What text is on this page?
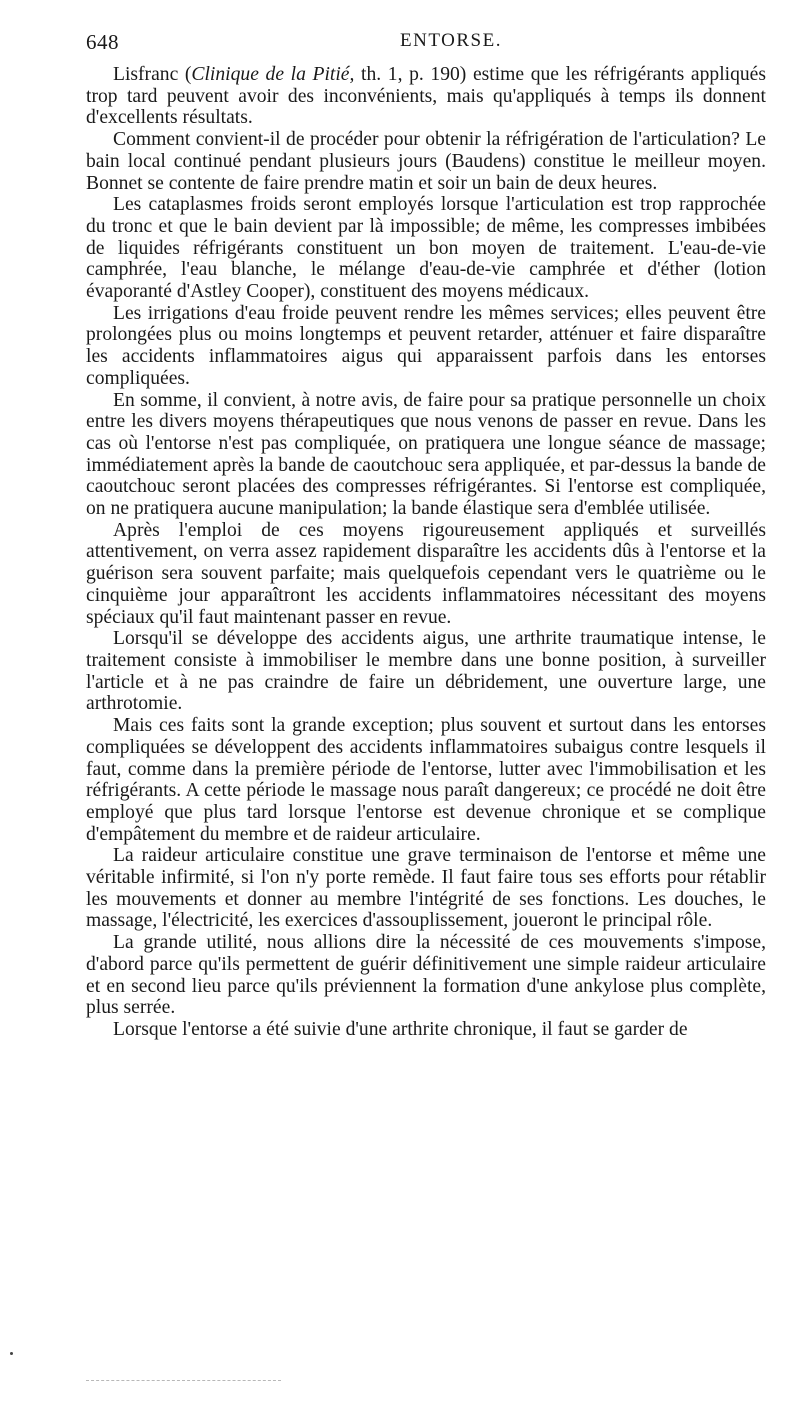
648	ENTORSE.

Lisfranc (Clinique de la Pitié, th. 1, p. 190) estime que les réfrigérants appliqués trop tard peuvent avoir des inconvénients, mais qu'appliqués à temps ils donnent d'excellents résultats.

Comment convient-il de procéder pour obtenir la réfrigération de l'articulation? Le bain local continué pendant plusieurs jours (Baudens) constitue le meilleur moyen. Bonnet se contente de faire prendre matin et soir un bain de deux heures.

Les cataplasmes froids seront employés lorsque l'articulation est trop rapprochée du tronc et que le bain devient par là impossible; de même, les compresses imbibées de liquides réfrigérants constituent un bon moyen de traitement. L'eau-de-vie camphrée, l'eau blanche, le mélange d'eau-de-vie camphrée et d'éther (lotion évaporanté d'Astley Cooper), constituent des moyens médicaux.

Les irrigations d'eau froide peuvent rendre les mêmes services; elles peuvent être prolongées plus ou moins longtemps et peuvent retarder, atténuer et faire disparaître les accidents inflammatoires aigus qui apparaissent parfois dans les entorses compliquées.

En somme, il convient, à notre avis, de faire pour sa pratique personnelle un choix entre les divers moyens thérapeutiques que nous venons de passer en revue. Dans les cas où l'entorse n'est pas compliquée, on pratiquera une longue séance de massage; immédiatement après la bande de caoutchouc sera appliquée, et par-dessus la bande de caoutchouc seront placées des compresses réfrigérantes. Si l'entorse est compliquée, on ne pratiquera aucune manipulation; la bande élastique sera d'emblée utilisée.

Après l'emploi de ces moyens rigoureusement appliqués et surveillés attentivement, on verra assez rapidement disparaître les accidents dûs à l'entorse et la guérison sera souvent parfaite; mais quelquefois cependant vers le quatrième ou le cinquième jour apparaîtront les accidents inflammatoires nécessitant des moyens spéciaux qu'il faut maintenant passer en revue.

Lorsqu'il se développe des accidents aigus, une arthrite traumatique intense, le traitement consiste à immobiliser le membre dans une bonne position, à surveiller l'article et à ne pas craindre de faire un débridement, une ouverture large, une arthrotomie.

Mais ces faits sont la grande exception; plus souvent et surtout dans les entorses compliquées se développent des accidents inflammatoires subaigus contre lesquels il faut, comme dans la première période de l'entorse, lutter avec l'immobilisation et les réfrigérants. A cette période le massage nous paraît dangereux; ce procédé ne doit être employé que plus tard lorsque l'entorse est devenue chronique et se complique d'empâtement du membre et de raideur articulaire.

La raideur articulaire constitue une grave terminaison de l'entorse et même une véritable infirmité, si l'on n'y porte remède. Il faut faire tous ses efforts pour rétablir les mouvements et donner au membre l'intégrité de ses fonctions. Les douches, le massage, l'électricité, les exercices d'assouplissement, joueront le principal rôle.

La grande utilité, nous allions dire la nécessité de ces mouvements s'impose, d'abord parce qu'ils permettent de guérir définitivement une simple raideur articulaire et en second lieu parce qu'ils préviennent la formation d'une ankylose plus complète, plus serrée.

Lorsque l'entorse a été suivie d'une arthrite chronique, il faut se garder de
